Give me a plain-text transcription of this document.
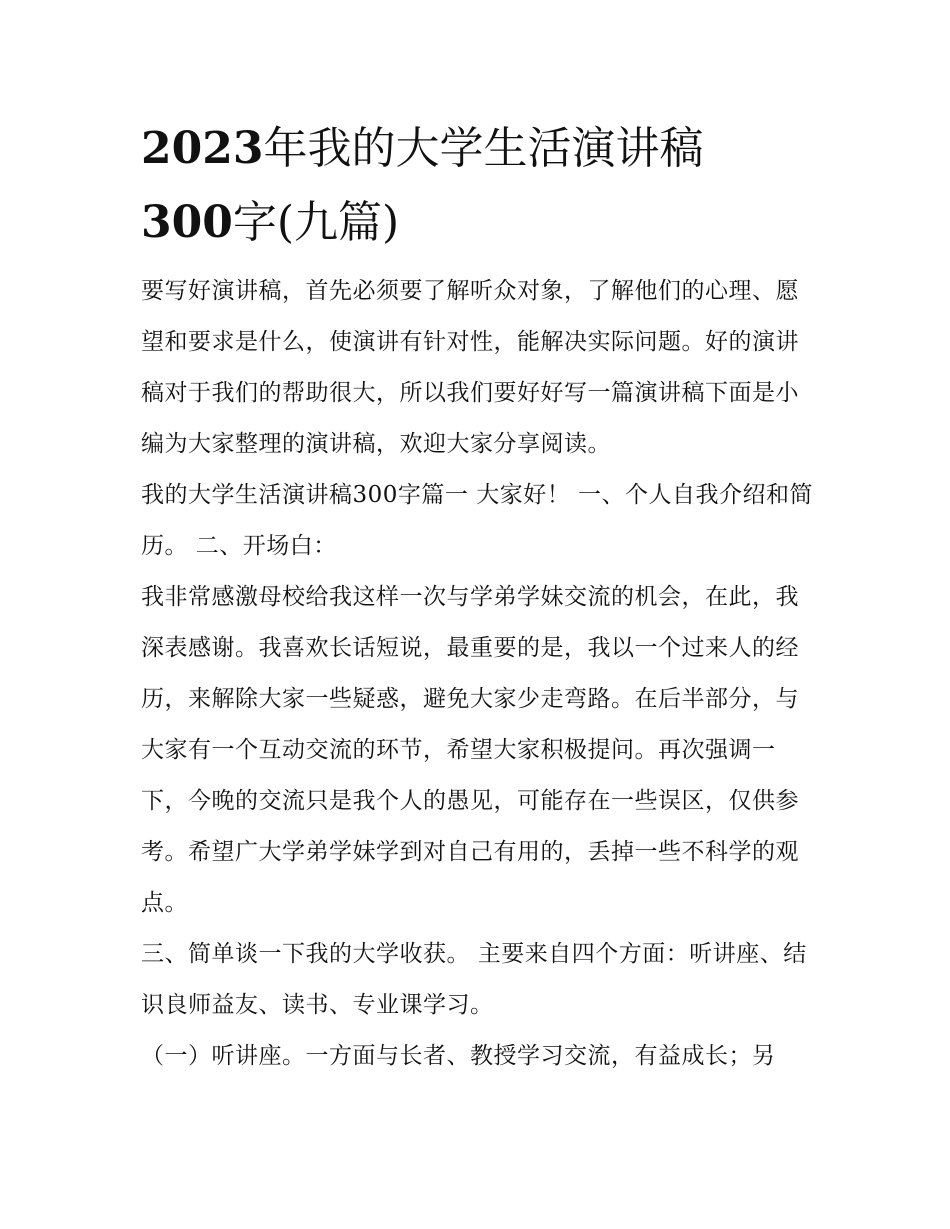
2023年我的大学生活演讲稿
300字(九篇)

要写好演讲稿，首先必须要了解听众对象，了解他们的心理、愿望和要求是什么，使演讲有针对性，能解决实际问题。好的演讲稿对于我们的帮助很大，所以我们要好好写一篇演讲稿下面是小编为大家整理的演讲稿，欢迎大家分享阅读。

我的大学生活演讲稿300字篇一 大家好！ 一、个人自我介绍和简历。 二、开场白：

我非常感激母校给我这样一次与学弟学妹交流的机会，在此，我深表感谢。我喜欢长话短说，最重要的是，我以一个过来人的经历，来解除大家一些疑惑，避免大家少走弯路。在后半部分，与大家有一个互动交流的环节，希望大家积极提问。再次强调一下，今晚的交流只是我个人的愚见，可能存在一些误区，仅供参考。希望广大学弟学妹学到对自己有用的，丢掉一些不科学的观点。

三、简单谈一下我的大学收获。 主要来自四个方面：听讲座、结识良师益友、读书、专业课学习。

（一）听讲座。一方面与长者、教授学习交流，有益成长；另
